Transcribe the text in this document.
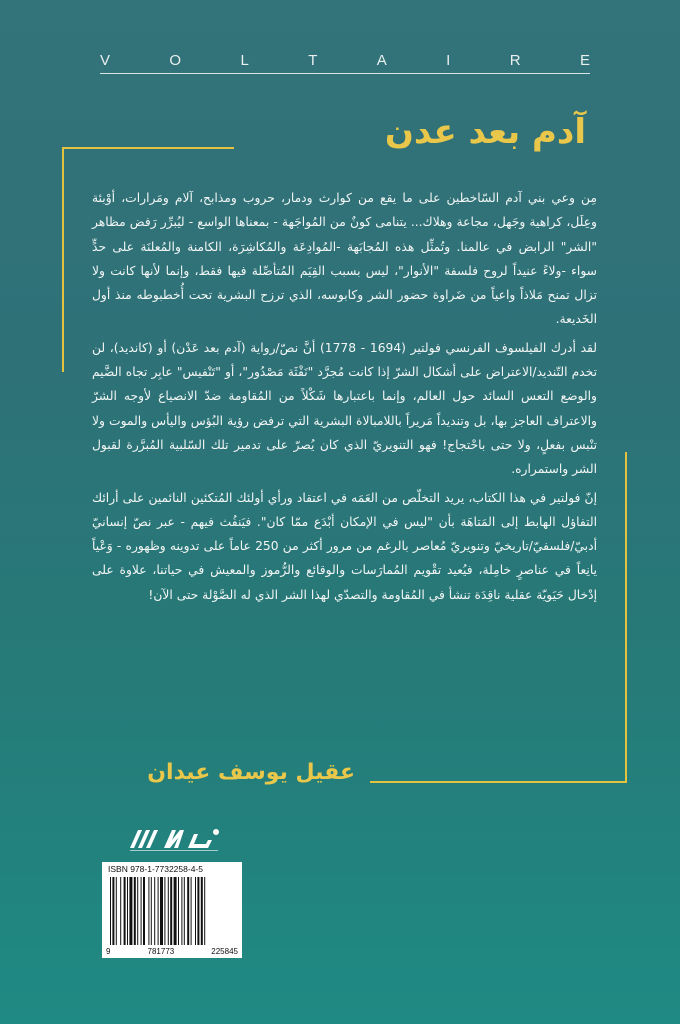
V	O	L	T	A	I	R	E
آدم بعد عدن

مِن وعي بني آدم السّاخطين على ما يقع من كوارث ودمار، حروب ومذابح، آلام ومَرارات، أوْبئة وعِلَل، كراهية وجَهل، مجاعة وهلاك... يتنامى كونٌ من المُواجَهة - بمعناها الواسع - ليُبرِّر رَفض مظاهر "الشر" الرابض في عالمنا. وتُمثِّل هذه المُجابَهة -المُوادِعَة والمُكاشِرَة، الكامنة والمُعلنَة على حدٍّ سواء -ولاءً عنيداً لروح فلسفة "الأنوار"، ليس بسبب القِيَم المُتأصِّلة فيها فقط، وإنما لأنها كانت ولا تزال تمنح مَلاذاً واعياً من ضَراوة حضور الشر وكابوسه، الذي ترزح البشرية تحت أُخطبوطه منذ أول الخَديعة.

لقد أدرك الفيلسوف الفرنسي فولتير (1694 - 1778) أنَّ نصّ/رواية (آدم بعد عَدْن) أو (كانديد)، لن تخدم التّنديد/الاعتراض على أشكال الشرّ إذا كانت مُجرَّد "نَفْثَة مَصْدُور"، أو "تَنْفيس" عابِر تجاه الضَّيم والوضع التعس السائد حول العالم، وإنما باعتبارها شَكْلاً من المُقاومة ضدّ الانصياع لأوجه الشرّ والاعتراف العاجز بها، بل وتنديداً مَريراً باللامبالاة البشرية التي ترفض رؤية البُؤس واليأس والموت ولا تنْبس بفعلٍ، ولا حتى باحْتجاج! فهو التنويريّ الذي كان يُصرّ على تدمير تلك السّلبية المُبرَّرة لقبول الشر واستمراره.

إنّ فولتير في هذا الكتاب، يريد التخلّص من العَمَه في اعتقاد ورأي أولئك المُتكئين النائمين على أرائك التفاؤل الهابط إلى المَتاهَة بأن "ليس في الإمكان أبْدَع ممّا كان". فيَنفُث فيهم - عبر نصّ إنسانيّ أدبيّ/فلسفيّ/تاريخيّ وتنويريّ مُعاصر بالرغم من مرور أكثر من 250 عاماً على تدوينه وظهوره - وَعْياً يانِعاً في عناصرٍ خامِلة، فيُعيد تقْويم المُمارَسات والوقائع والرُّموز والمعيش في حياتنا، علاوة على إدْخال حَيَويّة عقلية ناقِدَة تنشأ في المُقاومة والتصدّي لهذا الشر الذي له الصَّوْلة حتى الآن!

عقيل يوسف عيدان
ISBN 978-1-7732258-4-5
9	781773	225845
